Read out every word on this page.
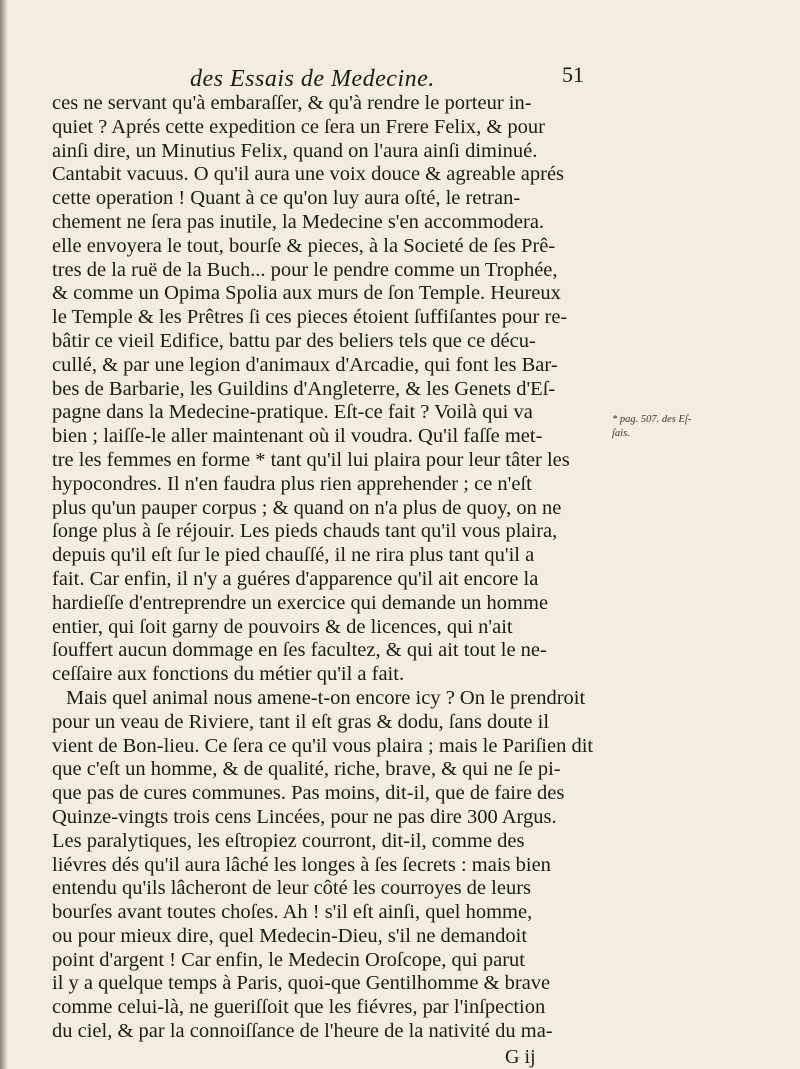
des Essais de Medecine.	51
ces ne servant qu'à embaraſſer, & qu'à rendre le porteur in-
quiet ? Aprés cette expedition ce ſera un Frere Felix, & pour
ainſi dire, un Minutius Felix, quand on l'aura ainſi diminué.
Cantabit vacuus. O qu'il aura une voix douce & agreable aprés
cette operation ! Quant à ce qu'on luy aura oſté, le retran-
chement ne ſera pas inutile, la Medecine s'en accommodera.
elle envoyera le tout, bourſe & pieces, à la Societé de ſes Prê-
tres de la ruë de la Buch... pour le pendre comme un Trophée,
& comme un Opima Spolia aux murs de ſon Temple. Heureux
le Temple & les Prêtres ſi ces pieces étoient ſuffiſantes pour re-
bâtir ce vieil Edifice, battu par des beliers tels que ce décu-
cullé, & par une legion d'animaux d'Arcadie, qui font les Bar-
bes de Barbarie, les Guildins d'Angleterre, & les Genets d'Eſ-
pagne dans la Medecine-pratique. Eſt-ce fait ? Voilà qui va
bien ; laiſſe-le aller maintenant où il voudra. Qu'il faſſe met-
tre les femmes en forme * tant qu'il lui plaira pour leur tâter les
hypocondres. Il n'en faudra plus rien apprehender ; ce n'eſt
plus qu'un pauper corpus ; & quand on n'a plus de quoy, on ne
ſonge plus à ſe réjouir. Les pieds chauds tant qu'il vous plaira,
depuis qu'il eſt ſur le pied chauſſé, il ne rira plus tant qu'il a
fait. Car enfin, il n'y a guéres d'apparence qu'il ait encore la
hardieſſe d'entreprendre un exercice qui demande un homme
entier, qui ſoit garny de pouvoirs & de licences, qui n'ait
ſouffert aucun dommage en ſes facultez, & qui ait tout le ne-
ceſſaire aux fonctions du métier qu'il a fait.
Mais quel animal nous amene-t-on encore icy ? On le prendroit
pour un veau de Riviere, tant il eſt gras & dodu, ſans doute il
vient de Bon-lieu. Ce ſera ce qu'il vous plaira ; mais le Pariſien dit
que c'eſt un homme, & de qualité, riche, brave, & qui ne ſe pi-
que pas de cures communes. Pas moins, dit-il, que de faire des
Quinze-vingts trois cens Lincées, pour ne pas dire 300 Argus.
Les paralytiques, les eſtropiez courront, dit-il, comme des
liévres dés qu'il aura lâché les longes à ſes ſecrets : mais bien
entendu qu'ils lâcheront de leur côté les courroyes de leurs
bourſes avant toutes choſes. Ah ! s'il eſt ainſi, quel homme,
ou pour mieux dire, quel Medecin-Dieu, s'il ne demandoit
point d'argent ! Car enfin, le Medecin Oroſcope, qui parut
il y a quelque temps à Paris, quoi-que Gentilhomme & brave
comme celui-là, ne gueriſſoit que les fiévres, par l'inſpection
du ciel, & par la connoiſſance de l'heure de la nativité du ma-
* pag. 507. des Eſ-
ſais.
G ij
